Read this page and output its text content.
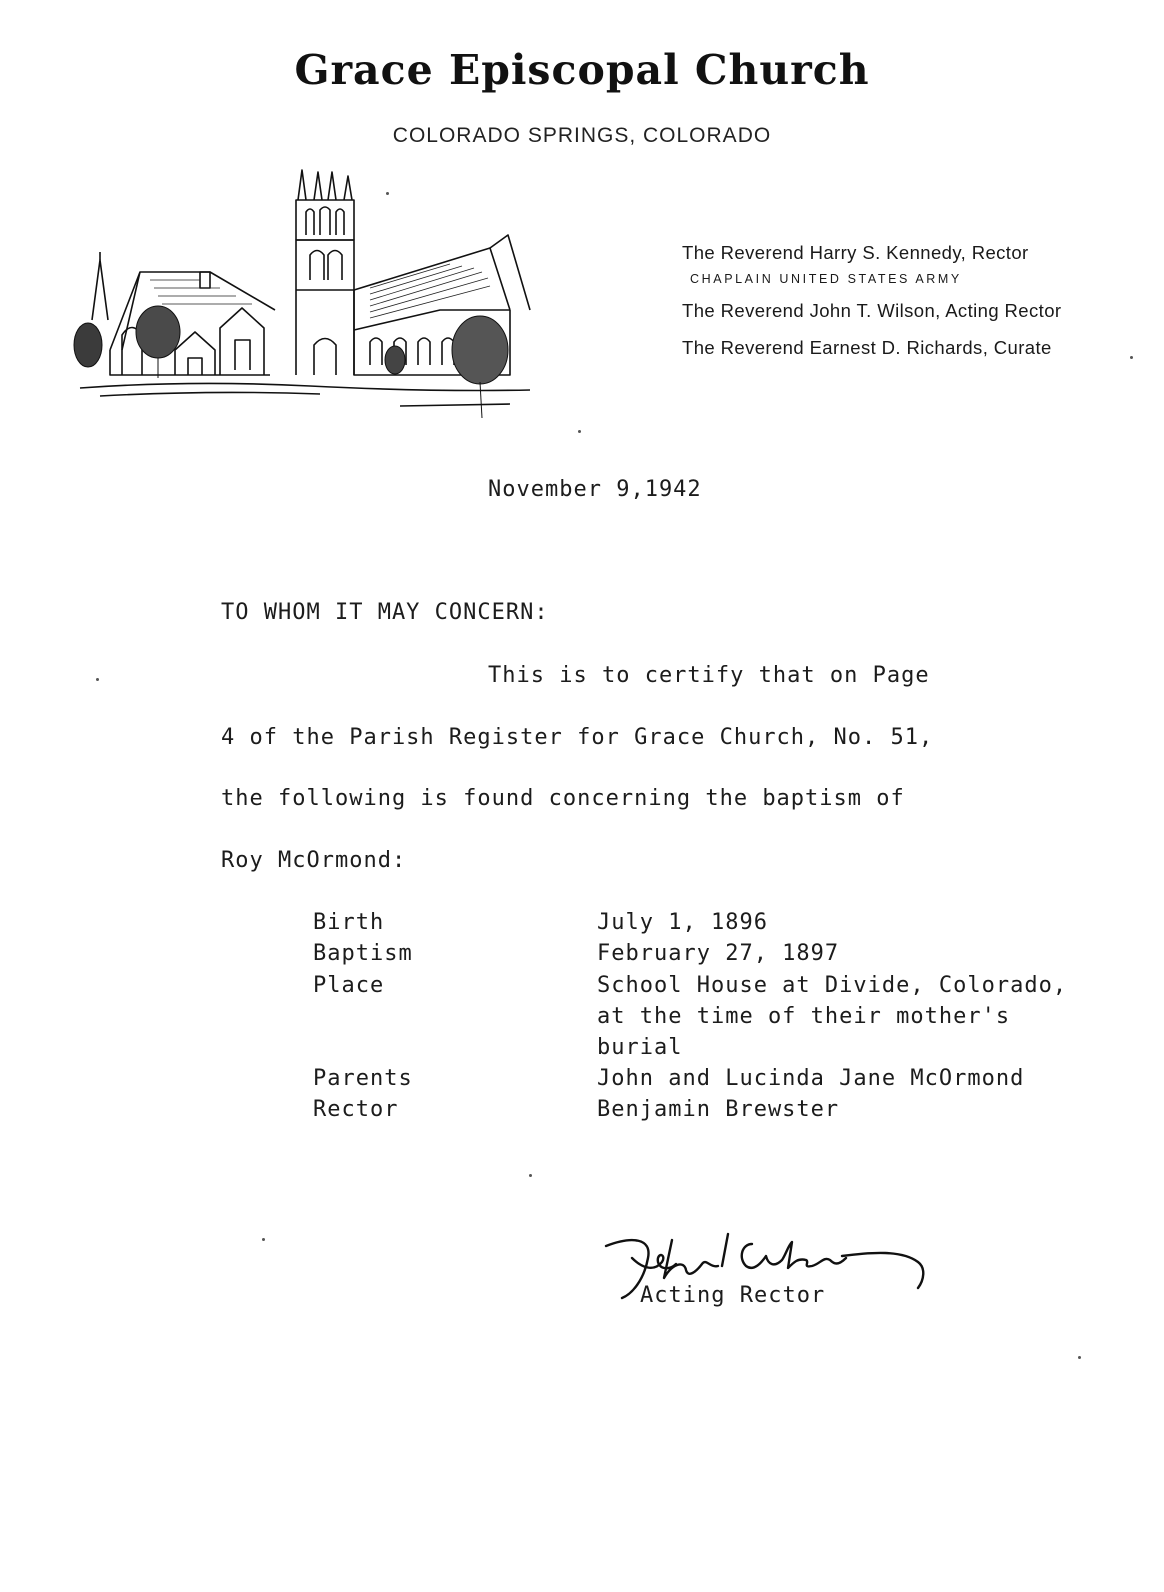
Grace Episcopal Church
COLORADO SPRINGS, COLORADO
The Reverend Harry S. Kennedy, Rector
CHAPLAIN UNITED STATES ARMY
The Reverend John T. Wilson, Acting Rector
The Reverend Earnest D. Richards, Curate
November 9,1942
TO WHOM IT MAY CONCERN:
This is to certify that on Page
4 of the Parish Register for Grace Church, No. 51,
the following is found concerning the baptism of
Roy McOrmond:
Birth	July 1, 1896
Baptism	February 27, 1897
Place	School House at Divide, Colorado,
at the time of their mother's
burial
Parents	John and Lucinda Jane McOrmond
Rector	Benjamin Brewster
Acting Rector
